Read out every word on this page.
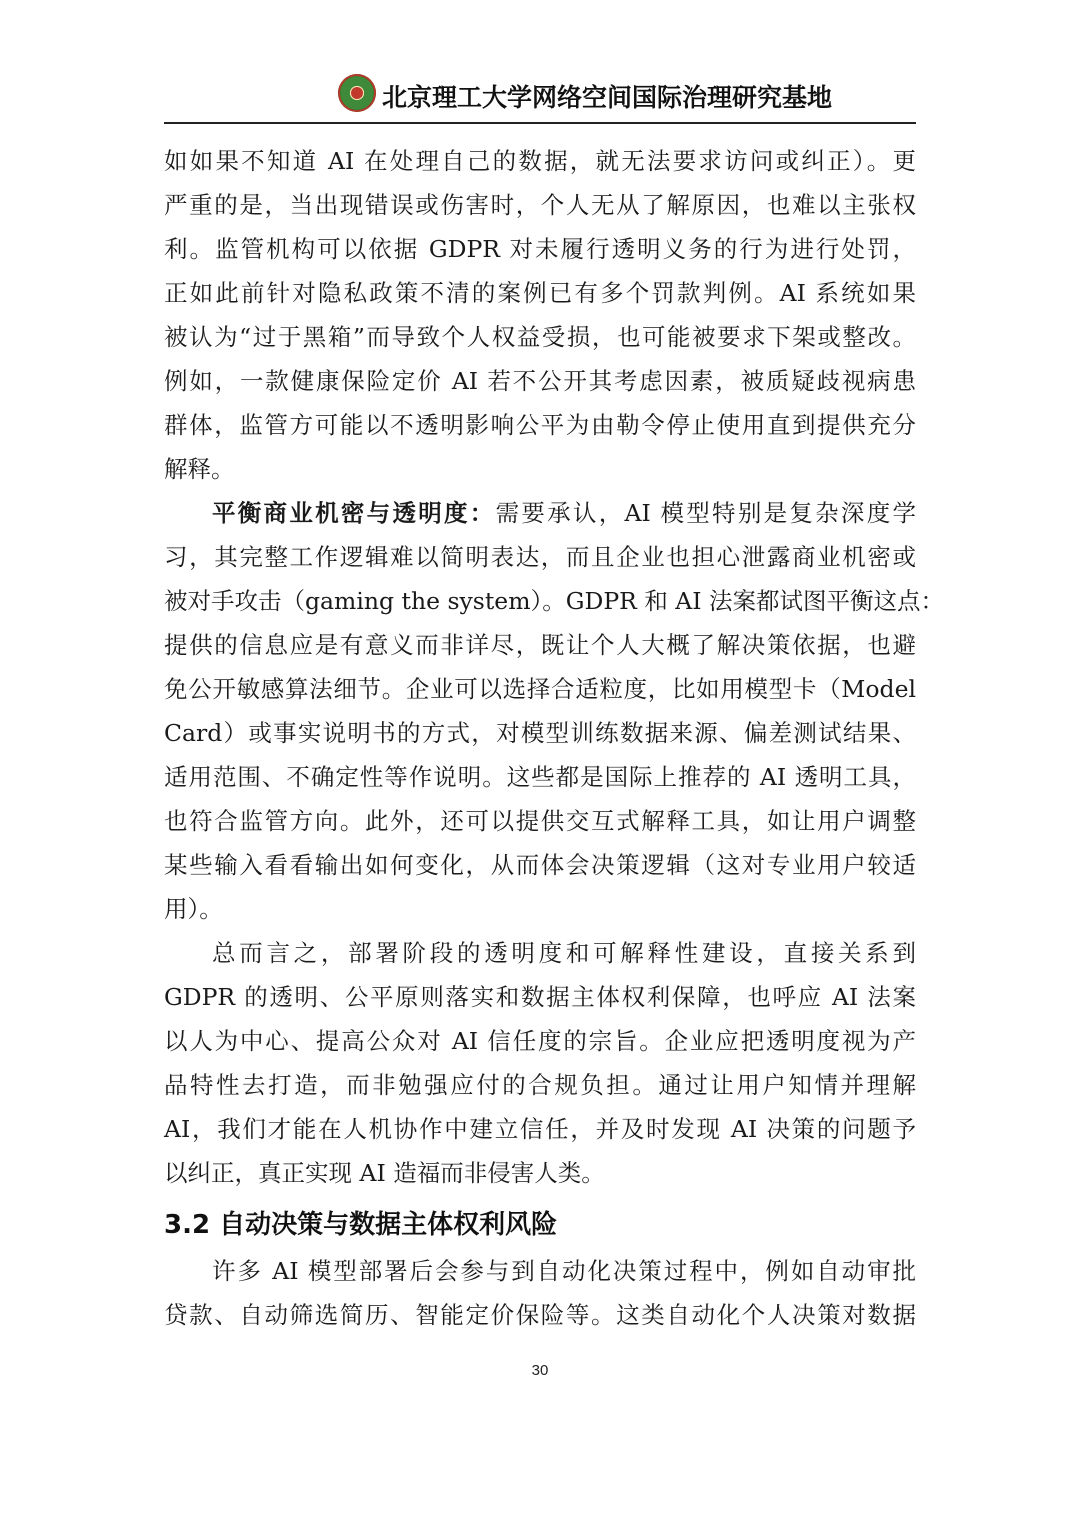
北京理工大学网络空间国际治理研究基地
如如果不知道 AI 在处理自己的数据，就无法要求访问或纠正）。更
严重的是，当出现错误或伤害时，个人无从了解原因，也难以主张权
利。监管机构可以依据 GDPR 对未履行透明义务的行为进行处罚，
正如此前针对隐私政策不清的案例已有多个罚款判例。AI 系统如果
被认为“过于黑箱”而导致个人权益受损，也可能被要求下架或整改。
例如，一款健康保险定价 AI 若不公开其考虑因素，被质疑歧视病患
群体，监管方可能以不透明影响公平为由勒令停止使用直到提供充分
解释。
平衡商业机密与透明度：需要承认，AI 模型特别是复杂深度学
习，其完整工作逻辑难以简明表达，而且企业也担心泄露商业机密或
被对手攻击（gaming the system）。GDPR 和 AI 法案都试图平衡这点：
提供的信息应是有意义而非详尽，既让个人大概了解决策依据，也避
免公开敏感算法细节。企业可以选择合适粒度，比如用模型卡（Model
Card）或事实说明书的方式，对模型训练数据来源、偏差测试结果、
适用范围、不确定性等作说明。这些都是国际上推荐的 AI 透明工具，
也符合监管方向。此外，还可以提供交互式解释工具，如让用户调整
某些输入看看输出如何变化，从而体会决策逻辑（这对专业用户较适
用）。
总而言之，部署阶段的透明度和可解释性建设，直接关系到
GDPR 的透明、公平原则落实和数据主体权利保障，也呼应 AI 法案
以人为中心、提高公众对 AI 信任度的宗旨。企业应把透明度视为产
品特性去打造，而非勉强应付的合规负担。通过让用户知情并理解
AI，我们才能在人机协作中建立信任，并及时发现 AI 决策的问题予
以纠正，真正实现 AI 造福而非侵害人类。
3.2 自动决策与数据主体权利风险
许多 AI 模型部署后会参与到自动化决策过程中，例如自动审批
贷款、自动筛选简历、智能定价保险等。这类自动化个人决策对数据
30
